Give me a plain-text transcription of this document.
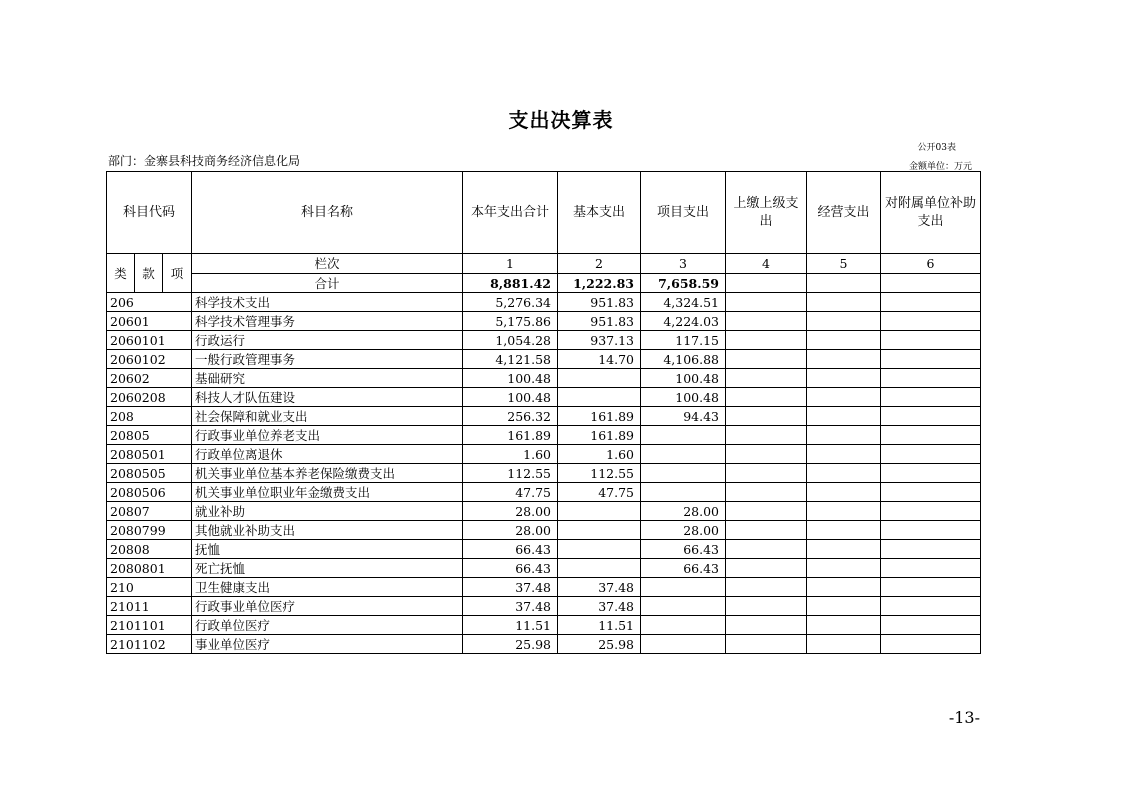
支出决算表
公开03表
部门：金寨县科技商务经济信息化局	金额单位：万元
科目代码			科目名称	本年支出合计	基本支出	项目支出	上缴上级支出	经营支出	对附属单位补助支出
类	款	项	栏次	1	2	3	4	5	6
			合计	8,881.42	1,222.83	7,658.59			
206			科学技术支出	5,276.34	951.83	4,324.51			
20601			科学技术管理事务	5,175.86	951.83	4,224.03			
2060101			行政运行	1,054.28	937.13	117.15			
2060102			一般行政管理事务	4,121.58	14.70	4,106.88			
20602			基础研究	100.48		100.48			
2060208			科技人才队伍建设	100.48		100.48			
208			社会保障和就业支出	256.32	161.89	94.43			
20805			行政事业单位养老支出	161.89	161.89				
2080501			行政单位离退休	1.60	1.60				
2080505			机关事业单位基本养老保险缴费支出	112.55	112.55				
2080506			机关事业单位职业年金缴费支出	47.75	47.75				
20807			就业补助	28.00		28.00			
2080799			其他就业补助支出	28.00		28.00			
20808			抚恤	66.43		66.43			
2080801			死亡抚恤	66.43		66.43			
210			卫生健康支出	37.48	37.48				
21011			行政事业单位医疗	37.48	37.48				
2101101			行政单位医疗	11.51	11.51				
2101102			事业单位医疗	25.98	25.98				
-13-
